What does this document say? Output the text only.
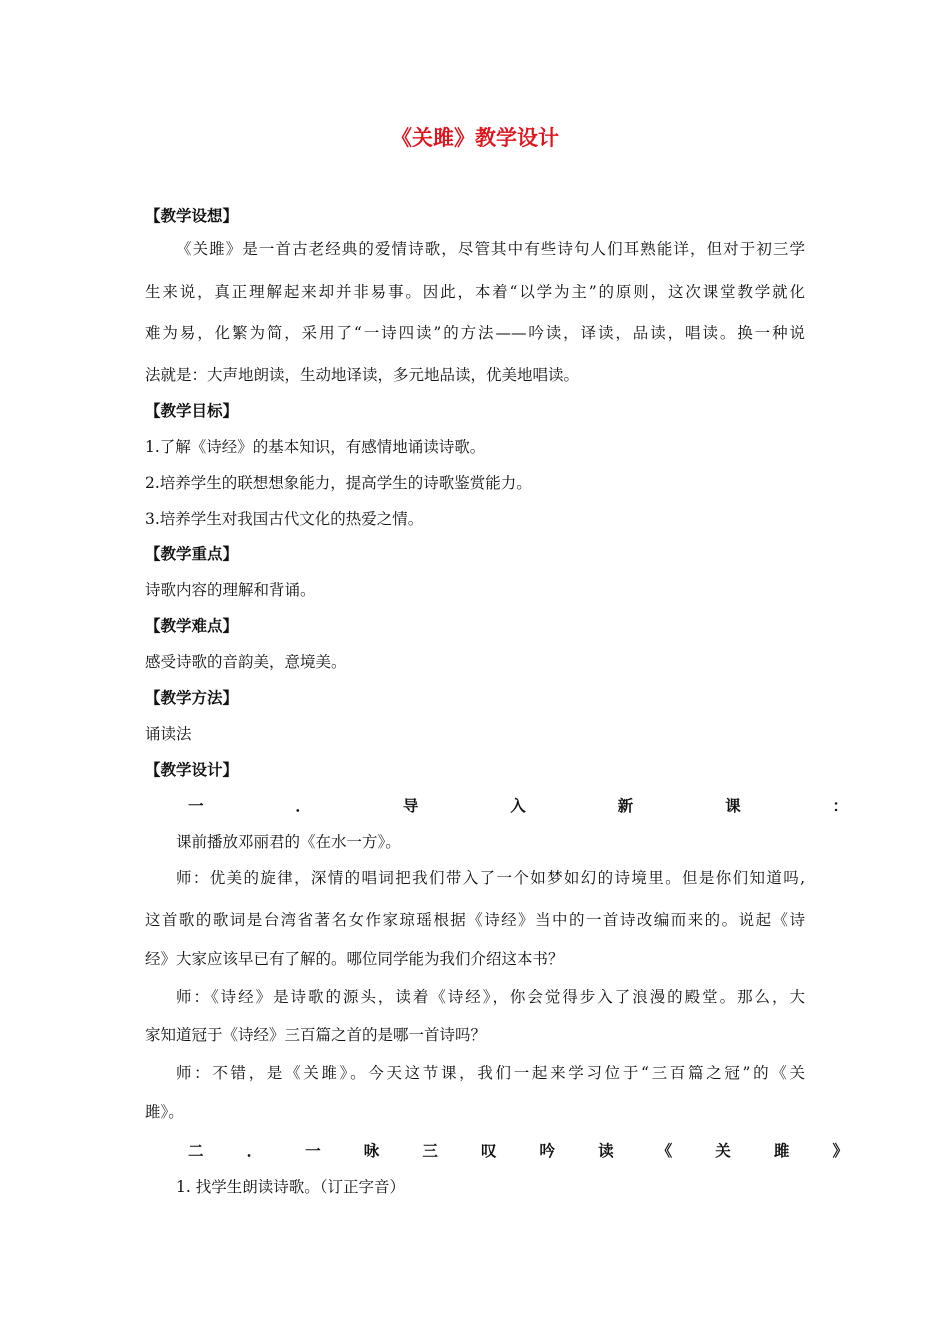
《关雎》教学设计
【教学设想】
《关雎》是一首古老经典的爱情诗歌，尽管其中有些诗句人们耳熟能详，但对于初三学
生来说，真正理解起来却并非易事。因此，本着“以学为主”的原则，这次课堂教学就化
难为易，化繁为简，采用了“一诗四读”的方法——吟读，译读，品读，唱读。换一种说
法就是：大声地朗读，生动地译读，多元地品读，优美地唱读。
【教学目标】
1.了解《诗经》的基本知识，有感情地诵读诗歌。
2.培养学生的联想想象能力，提高学生的诗歌鉴赏能力。
3.培养学生对我国古代文化的热爱之情。
【教学重点】
诗歌内容的理解和背诵。
【教学难点】
感受诗歌的音韵美，意境美。
【教学方法】
诵读法
【教学设计】
一．导入新课：
课前播放邓丽君的《在水一方》。
师：优美的旋律，深情的唱词把我们带入了一个如梦如幻的诗境里。但是你们知道吗,
这首歌的歌词是台湾省著名女作家琼瑶根据《诗经》当中的一首诗改编而来的。说起《诗
经》大家应该早已有了解的。哪位同学能为我们介绍这本书？
师：《诗经》是诗歌的源头，读着《诗经》，你会觉得步入了浪漫的殿堂。那么，大
家知道冠于《诗经》三百篇之首的是哪一首诗吗？
师：不错，是《关雎》。今天这节课，我们一起来学习位于“三百篇之冠”的《关
雎》。
二．一咏三叹吟读《关雎》
1. 找学生朗读诗歌。（订正字音）
